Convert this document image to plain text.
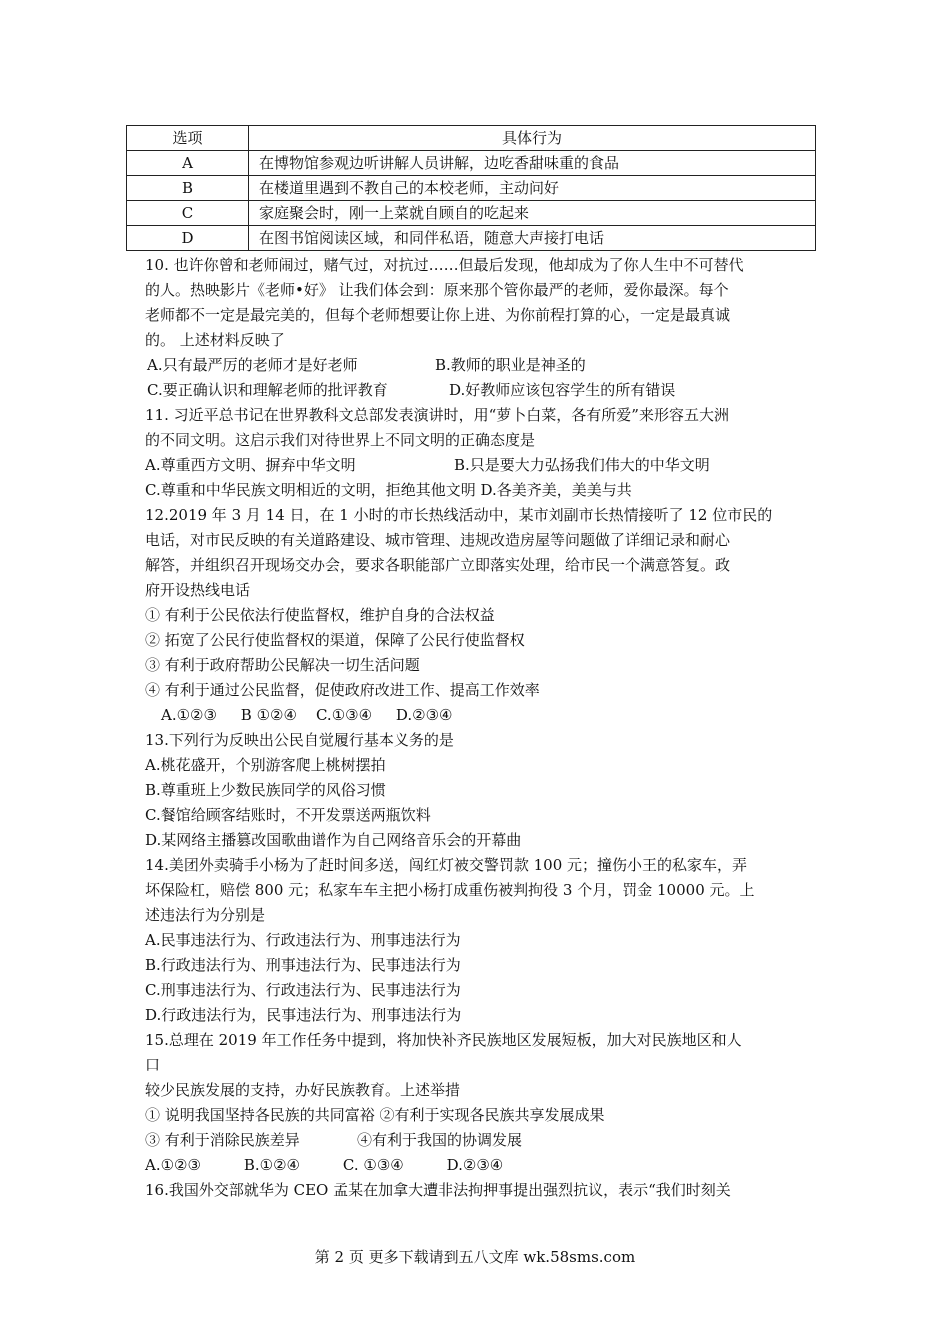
选项	具体行为
A	在博物馆参观边听讲解人员讲解，边吃香甜味重的食品
B	在楼道里遇到不教自己的本校老师，主动问好
C	家庭聚会时，刚一上菜就自顾自的吃起来
D	在图书馆阅读区域，和同伴私语，随意大声接打电话

10. 也许你曾和老师闹过，赌气过，对抗过……但最后发现，他却成为了你人生中不可替代

的人。热映影片《老师•好》 让我们体会到：原来那个管你最严的老师，爱你最深。每个

老师都不一定是最完美的，但每个老师想要让你上进、为你前程打算的心，一定是最真诚

的。 上述材料反映了

A.只有最严厉的老师才是好老师	B.教师的职业是神圣的
C.要正确认识和理解老师的批评教育	D.好教师应该包容学生的所有错误

11. 习近平总书记在世界教科文总部发表演讲时，用“萝卜白菜，各有所爱”来形容五大洲

的不同文明。这启示我们对待世界上不同文明的正确态度是

A.尊重西方文明、摒弃中华文明	B.只是要大力弘扬我们伟大的中华文明

C.尊重和中华民族文明相近的文明，拒绝其他文明 D.各美齐美，美美与共

12.2019 年 3 月 14 日，在 1 小时的市长热线活动中，某市刘副市长热情接听了 12 位市民的

电话，对市民反映的有关道路建设、城市管理、违规改造房屋等问题做了详细记录和耐心

解答，并组织召开现场交办会，要求各职能部广立即落实处理，给市民一个满意答复。政

府开设热线电话

① 有利于公民依法行使监督权，维护自身的合法权益

② 拓宽了公民行使监督权的渠道，保障了公民行使监督权

③ 有利于政府帮助公民解决一切生活问题

④ 有利于通过公民监督，促使政府改进工作、提高工作效率

A.①②③     B ①②④    C.①③④     D.②③④

13.下列行为反映出公民自觉履行基本义务的是

A.桃花盛开，个别游客爬上桃树摆拍

B.尊重班上少数民族同学的风俗习惯

C.餐馆给顾客结账时，不开发票送两瓶饮料

D.某网络主播篡改国歌曲谱作为自己网络音乐会的开幕曲

14.美团外卖骑手小杨为了赶时间多送，闯红灯被交警罚款 100 元；撞伤小王的私家车，弄

坏保险杠，赔偿 800 元；私家车车主把小杨打成重伤被判拘役 3 个月，罚金 10000 元。上

述违法行为分别是

A.民事违法行为、行政违法行为、刑事违法行为

B.行政违法行为、刑事违法行为、民事违法行为

C.刑事违法行为、行政违法行为、民事违法行为

D.行政违法行为，民事违法行为、刑事违法行为

15.总理在 2019 年工作任务中提到，将加快补齐民族地区发展短板，加大对民族地区和人

口

较少民族发展的支持，办好民族教育。上述举措

① 说明我国坚持各民族的共同富裕 ②有利于实现各民族共享发展成果

③ 有利于消除民族差异            ④有利于我国的协调发展

A.①②③         B.①②④         C. ①③④         D.②③④

16.我国外交部就华为 CEO 孟某在加拿大遭非法拘押事提出强烈抗议，表示“我们时刻关

第 2 页 更多下载请到五八文库 wk.58sms.com
